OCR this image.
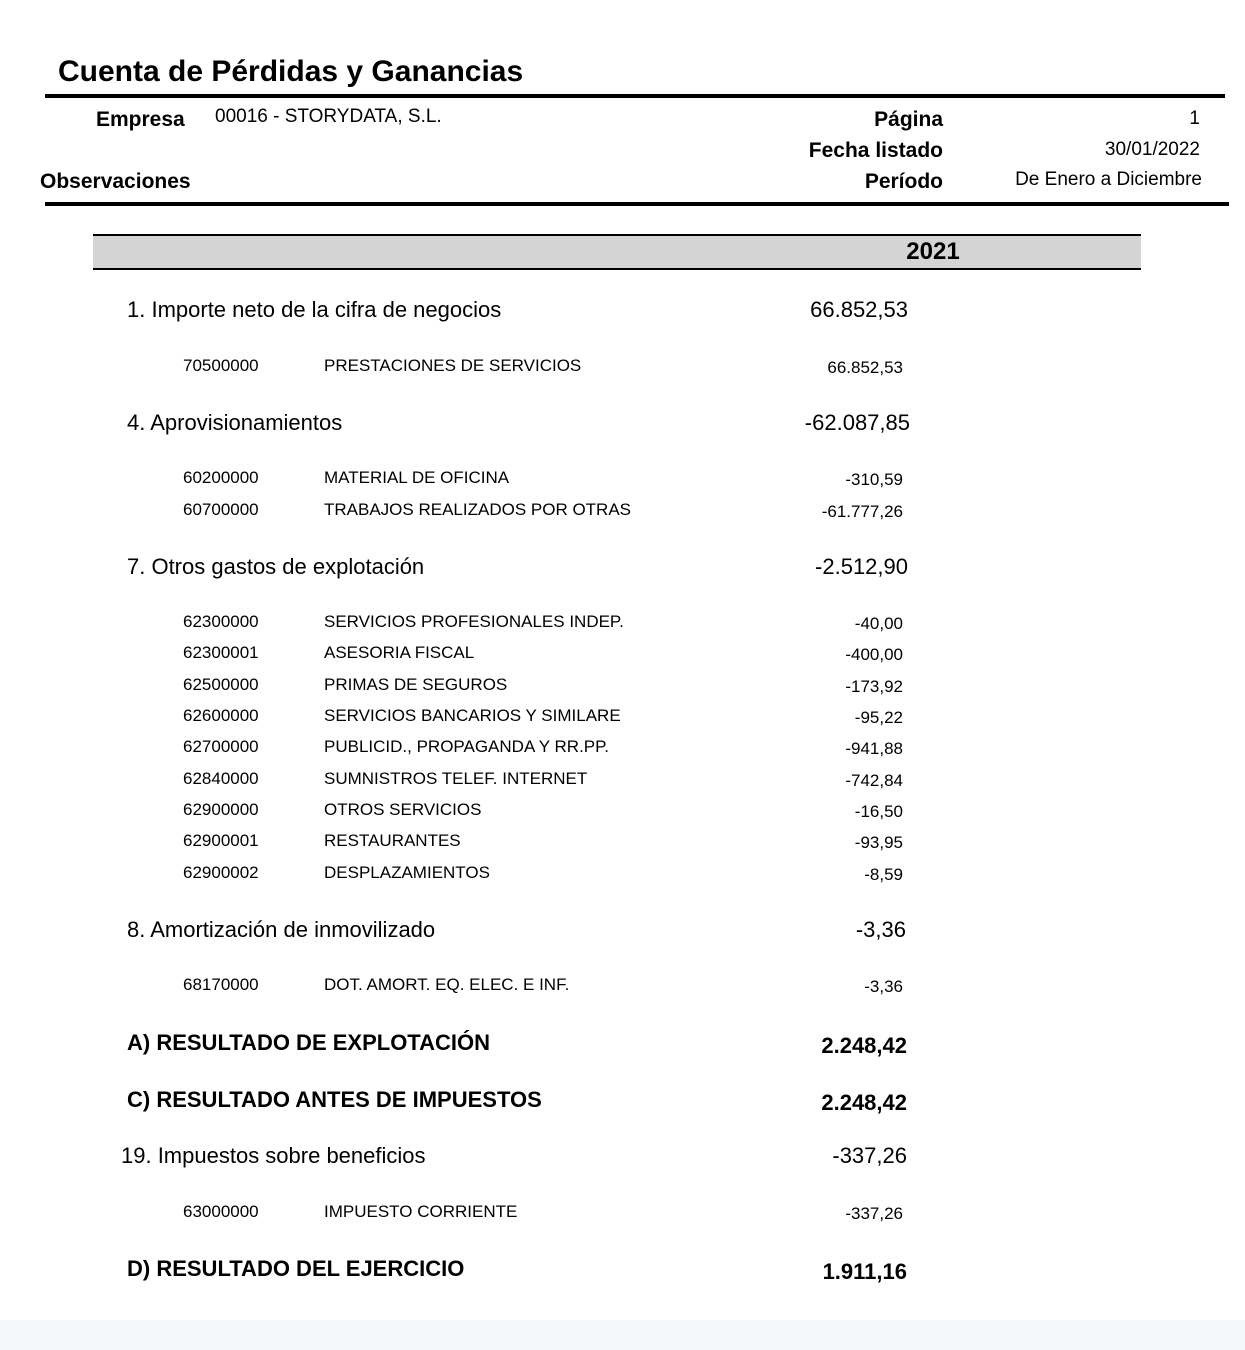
Cuenta de Pérdidas y Ganancias
Empresa 00016 - STORYDATA, S.L.	Página	1
Fecha listado	30/01/2022
Observaciones	Período	De Enero a Diciembre
2021
1. Importe neto de la cifra de negocios	66.852,53
70500000	PRESTACIONES DE SERVICIOS	66.852,53
4. Aprovisionamientos	-62.087,85
60200000	MATERIAL DE OFICINA	-310,59
60700000	TRABAJOS REALIZADOS POR OTRAS	-61.777,26
7. Otros gastos de explotación	-2.512,90
62300000	SERVICIOS PROFESIONALES INDEP.	-40,00
62300001	ASESORIA FISCAL	-400,00
62500000	PRIMAS DE SEGUROS	-173,92
62600000	SERVICIOS BANCARIOS Y SIMILARE	-95,22
62700000	PUBLICID., PROPAGANDA Y RR.PP.	-941,88
62840000	SUMNISTROS TELEF. INTERNET	-742,84
62900000	OTROS SERVICIOS	-16,50
62900001	RESTAURANTES	-93,95
62900002	DESPLAZAMIENTOS	-8,59
8. Amortización de inmovilizado	-3,36
68170000	DOT. AMORT. EQ. ELEC. E INF.	-3,36
A) RESULTADO DE EXPLOTACIÓN	2.248,42
C) RESULTADO ANTES DE IMPUESTOS	2.248,42
19. Impuestos sobre beneficios	-337,26
63000000	IMPUESTO CORRIENTE	-337,26
D) RESULTADO DEL EJERCICIO	1.911,16
